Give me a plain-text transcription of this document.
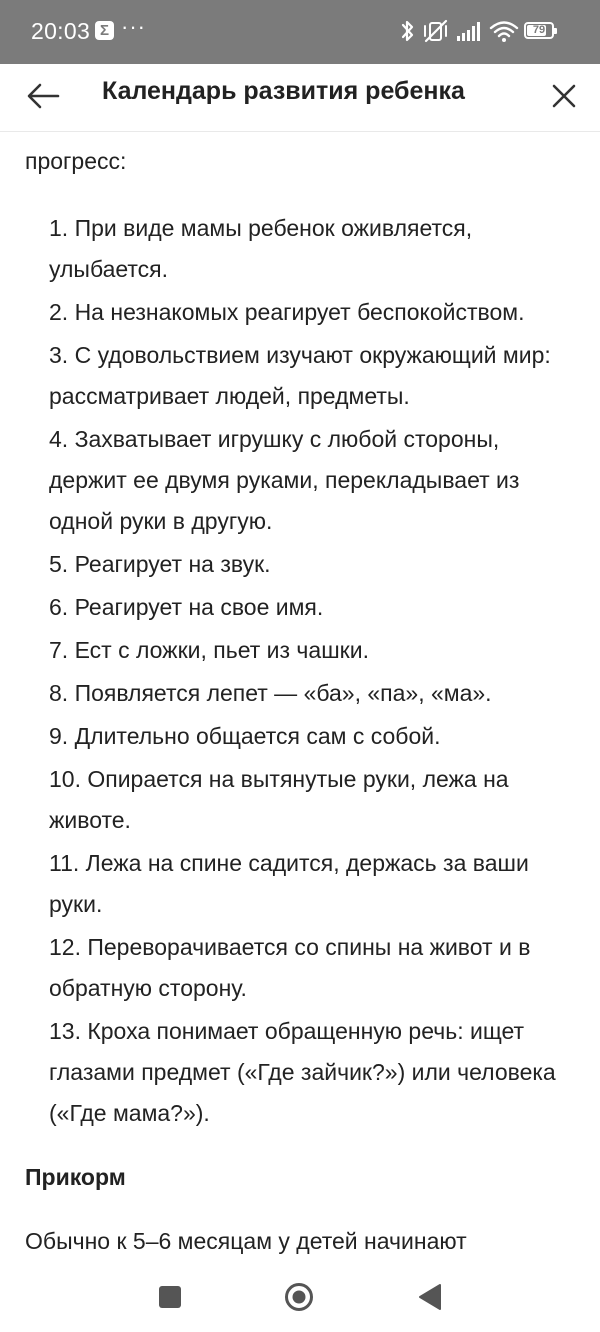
20:03 Σ ···	79
Календарь развития ребенка

прогресс:
1. При виде мамы ребенок оживляется, улыбается.
2. На незнакомых реагирует беспокойством.
3. С удовольствием изучают окружающий мир: рассматривает людей, предметы.
4. Захватывает игрушку с любой стороны, держит ее двумя руками, перекладывает из одной руки в другую.
5. Реагирует на звук.
6. Реагирует на свое имя.
7. Ест с ложки, пьет из чашки.
8. Появляется лепет — «ба», «па», «ма».
9. Длительно общается сам с собой.
10. Опирается на вытянутые руки, лежа на животе.
11. Лежа на спине садится, держась за ваши руки.
12. Переворачивается со спины на живот и в обратную сторону.
13. Кроха понимает обращенную речь: ищет глазами предмет («Где зайчик?») или человека («Где мама?»).
Прикорм
Обычно к 5–6 месяцам у детей начинают
